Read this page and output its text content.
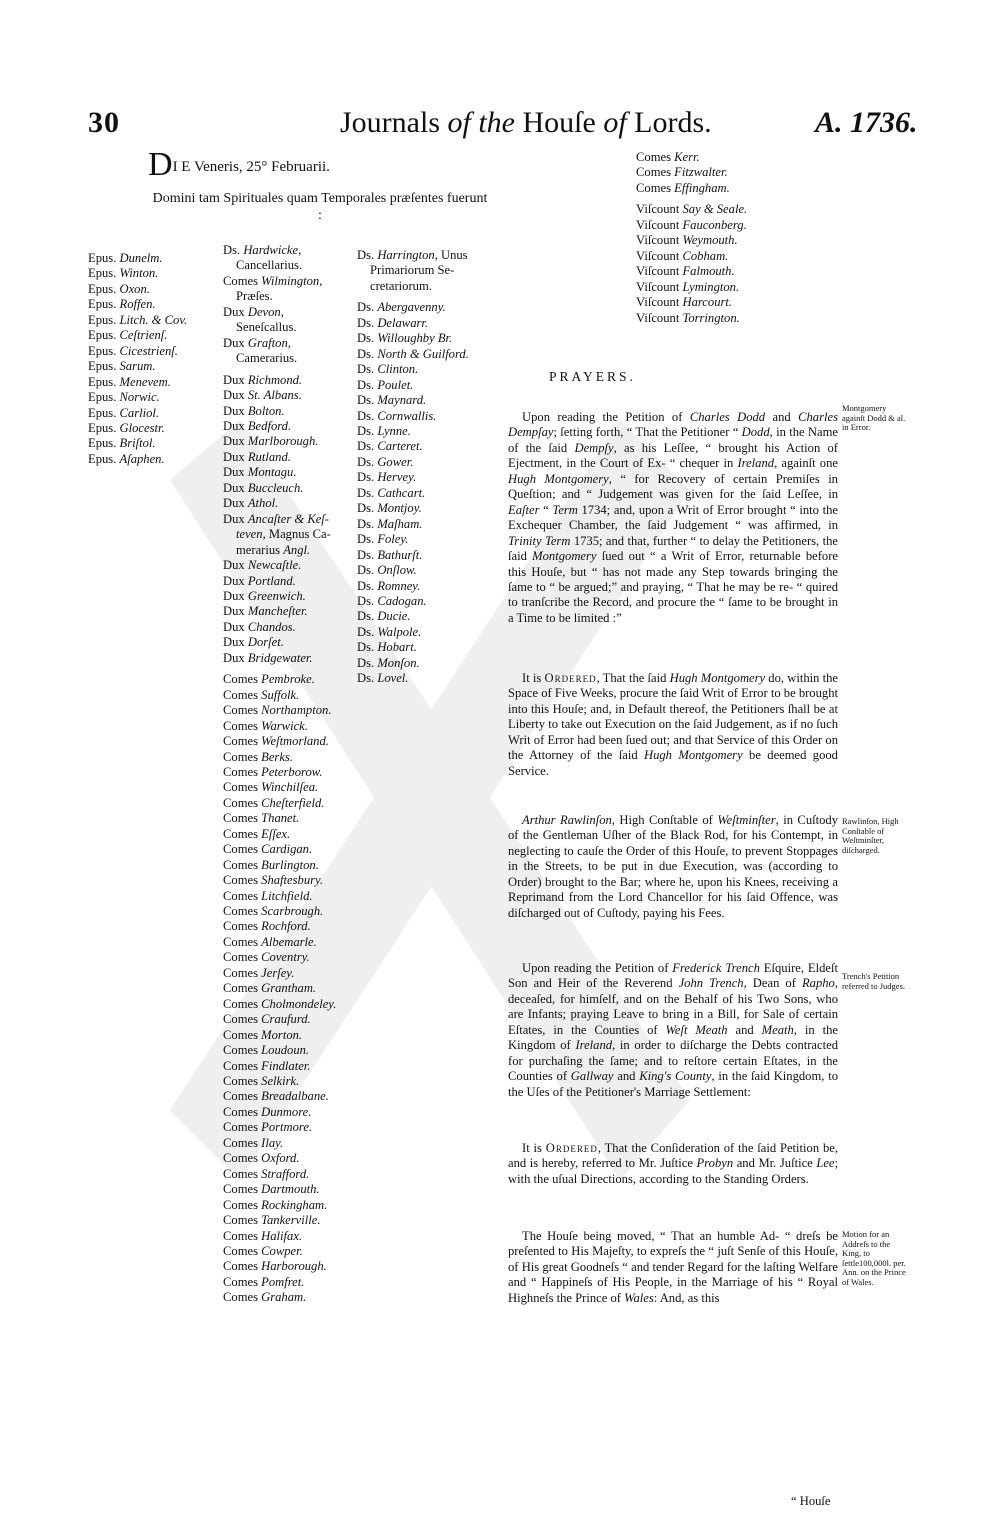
30	Journals of the Houſe of Lords.	A. 1736.
DI E Veneris, 25° Februarii.
Domini tam Spirituales quam Temporales præſentes fuerunt :
Epus. Dunelm.
Epus. Winton.
Epus. Oxon.
Epus. Roffen.
Epus. Litch. & Cov.
Epus. Ceſtrienſ.
Epus. Cicestrienſ.
Epus. Sarum.
Epus. Menevem.
Epus. Norwic.
Epus. Carliol.
Epus. Glocestr.
Epus. Briſtol.
Epus. Aſaphen.
Ds. Hardwicke,
Cancellarius.
Comes Wilmington,
Præſes.
Dux Devon,
Seneſcallus.
Dux Grafton,
Camerarius.
Dux Richmond.
Dux St. Albans.
Dux Bolton.
Dux Bedford.
Dux Marlborough.
Dux Rutland.
Dux Montagu.
Dux Buccleuch.
Dux Athol.
Dux Ancaſter & Keſ-
teven, Magnus Ca-
merarius Angl.
Dux Newcaſtle.
Dux Portland.
Dux Greenwich.
Dux Mancheſter.
Dux Chandos.
Dux Dorſet.
Dux Bridgewater.
Comes Pembroke.
Comes Suffolk.
Comes Northampton.
Comes Warwick.
Comes Weſtmorland.
Comes Berks.
Comes Peterborow.
Comes Winchilſea.
Comes Cheſterfield.
Comes Thanet.
Comes Eſſex.
Comes Cardigan.
Comes Burlington.
Comes Shaftesbury.
Comes Litchfield.
Comes Scarbrough.
Comes Rochford.
Comes Albemarle.
Comes Coventry.
Comes Jerſey.
Comes Grantham.
Comes Cholmondeley.
Comes Craufurd.
Comes Morton.
Comes Loudoun.
Comes Findlater.
Comes Selkirk.
Comes Breadalbane.
Comes Dunmore.
Comes Portmore.
Comes Ilay.
Comes Oxford.
Comes Strafford.
Comes Dartmouth.
Comes Rockingham.
Comes Tankerville.
Comes Halifax.
Comes Cowper.
Comes Harborough.
Comes Pomfret.
Comes Graham.
Ds. Harrington, Unus
Primariorum Se-
cretariorum.
Ds. Abergavenny.
Ds. Delawarr.
Ds. Willoughby Br.
Ds. North & Guilford.
Ds. Clinton.
Ds. Poulet.
Ds. Maynard.
Ds. Cornwallis.
Ds. Lynne.
Ds. Carteret.
Ds. Gower.
Ds. Hervey.
Ds. Cathcart.
Ds. Montjoy.
Ds. Maſham.
Ds. Foley.
Ds. Bathurſt.
Ds. Onſlow.
Ds. Romney.
Ds. Cadogan.
Ds. Ducie.
Ds. Walpole.
Ds. Hobart.
Ds. Monſon.
Ds. Lovel.
Comes Kerr.
Comes Fitzwalter.
Comes Effingham.
Viſcount Say & Seale.
Viſcount Fauconberg.
Viſcount Weymouth.
Viſcount Cobham.
Viſcount Falmouth.
Viſcount Lymington.
Viſcount Harcourt.
Viſcount Torrington.
PRAYERS.
Upon reading the Petition of Charles Dodd and Charles Dempſay; ſetting forth, “ That the Petitioner “ Dodd, in the Name of the ſaid Dempſy, as his Leſſee, “ brought his Action of Ejectment, in the Court of Ex- “ chequer in Ireland, againſt one Hugh Montgomery, “ for Recovery of certain Premiſes in Queſtion; and “ Judgement was given for the ſaid Leſſee, in Eaſter “ Term 1734; and, upon a Writ of Error brought “ into the Exchequer Chamber, the ſaid Judgement “ was affirmed, in Trinity Term 1735; and that, further “ to delay the Petitioners, the ſaid Montgomery ſued out “ a Writ of Error, returnable before this Houſe, but “ has not made any Step towards bringing the ſame to “ be argued;” and praying, “ That he may be re- “ quired to tranſcribe the Record, and procure the “ ſame to be brought in a Time to be limited :”
It is Ordered, That the ſaid Hugh Montgomery do, within the Space of Five Weeks, procure the ſaid Writ of Error to be brought into this Houſe; and, in Default thereof, the Petitioners ſhall be at Liberty to take out Execution on the ſaid Judgement, as if no ſuch Writ of Error had been ſued out; and that Service of this Order on the Attorney of the ſaid Hugh Montgomery be deemed good Service.
Arthur Rawlinſon, High Conſtable of Weſtminſter, in Cuſtody of the Gentleman Uſher of the Black Rod, for his Contempt, in neglecting to cauſe the Order of this Houſe, to prevent Stoppages in the Streets, to be put in due Execution, was (according to Order) brought to the Bar; where he, upon his Knees, receiving a Reprimand from the Lord Chancellor for his ſaid Offence, was diſcharged out of Cuſtody, paying his Fees.
Upon reading the Petition of Frederick Trench Eſquire, Eldeſt Son and Heir of the Reverend John Trench, Dean of Rapho, deceaſed, for himſelf, and on the Behalf of his Two Sons, who are Infants; praying Leave to bring in a Bill, for Sale of certain Eſtates, in the Counties of Weſt Meath and Meath, in the Kingdom of Ireland, in order to diſcharge the Debts contracted for purchaſing the ſame; and to reſtore certain Eſtates, in the Counties of Gallway and King's County, in the ſaid Kingdom, to the Uſes of the Petitioner's Marriage Settlement:
It is Ordered, That the Conſideration of the ſaid Petition be, and is hereby, referred to Mr. Juſtice Probyn and Mr. Juſtice Lee; with the uſual Directions, according to the Standing Orders.
The Houſe being moved, “ That an humble Ad- “ dreſs be preſented to His Majeſty, to expreſs the “ juſt Senſe of this Houſe, of His great Goodneſs “ and tender Regard for the laſting Welfare and “ Happineſs of His People, in the Marriage of his “ Royal Highneſs the Prince of Wales: And, as this
Montgomery againſt Dodd & al. in Error.
Rawlinſon, High Conſtable of Weſtminſter, diſcharged.
Trench's Petition referred to Judges.
Motion for an Addreſs to the King, to ſettle100,000l. per. Ann. on the Prince of Wales.
“ Houſe
